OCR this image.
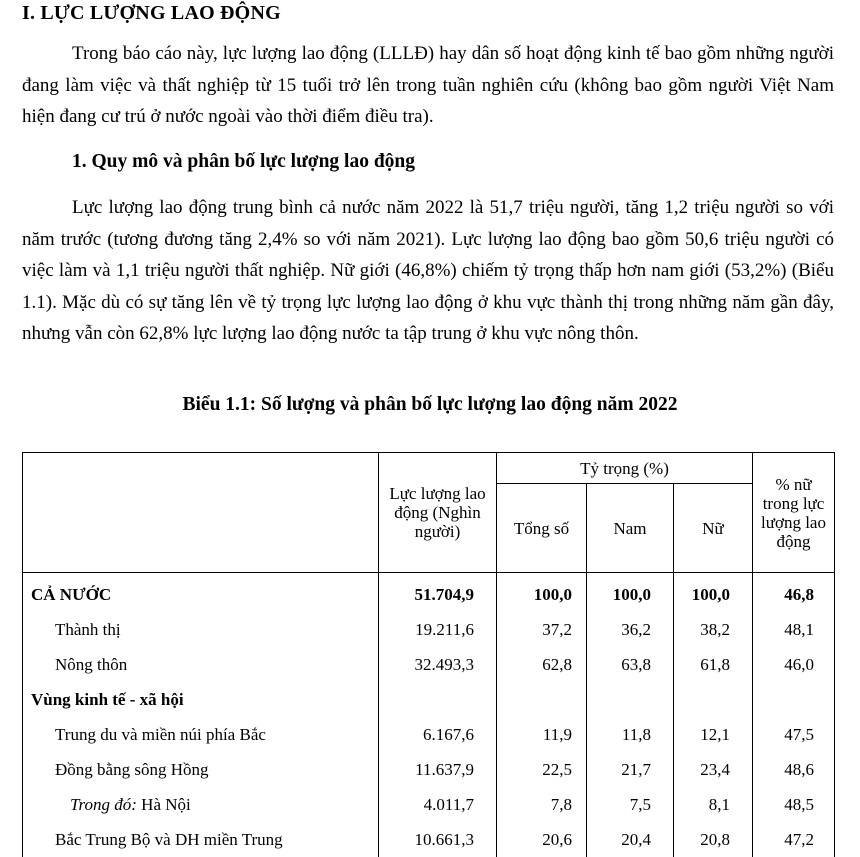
I. LỰC LƯỢNG LAO ĐỘNG

Trong báo cáo này, lực lượng lao động (LLLĐ) hay dân số hoạt động kinh tế bao gồm những người đang làm việc và thất nghiệp từ 15 tuổi trở lên trong tuần nghiên cứu (không bao gồm người Việt Nam hiện đang cư trú ở nước ngoài vào thời điểm điều tra).

1. Quy mô và phân bố lực lượng lao động

Lực lượng lao động trung bình cả nước năm 2022 là 51,7 triệu người, tăng 1,2 triệu người so với năm trước (tương đương tăng 2,4% so với năm 2021). Lực lượng lao động bao gồm 50,6 triệu người có việc làm và 1,1 triệu người thất nghiệp. Nữ giới (46,8%) chiếm tỷ trọng thấp hơn nam giới (53,2%) (Biểu 1.1). Mặc dù có sự tăng lên về tỷ trọng lực lượng lao động ở khu vực thành thị trong những năm gần đây, nhưng vẫn còn 62,8% lực lượng lao động nước ta tập trung ở khu vực nông thôn.

Biểu 1.1: Số lượng và phân bố lực lượng lao động năm 2022
	Lực lượng lao động (Nghìn người)	Tỷ trọng (%)			% nữ trong lực lượng lao động
		Tổng số	Nam	Nữ	
CẢ NƯỚC	51.704,9	100,0	100,0	100,0	46,8
Thành thị	19.211,6	37,2	36,2	38,2	48,1
Nông thôn	32.493,3	62,8	63,8	61,8	46,0
Vùng kinh tế - xã hội					
Trung du và miền núi phía Bắc	6.167,6	11,9	11,8	12,1	47,5
Đồng bằng sông Hồng	11.637,9	22,5	21,7	23,4	48,6
Trong đó: Hà Nội	4.011,7	7,8	7,5	8,1	48,5
Bắc Trung Bộ và DH miền Trung	10.661,3	20,6	20,4	20,8	47,2
